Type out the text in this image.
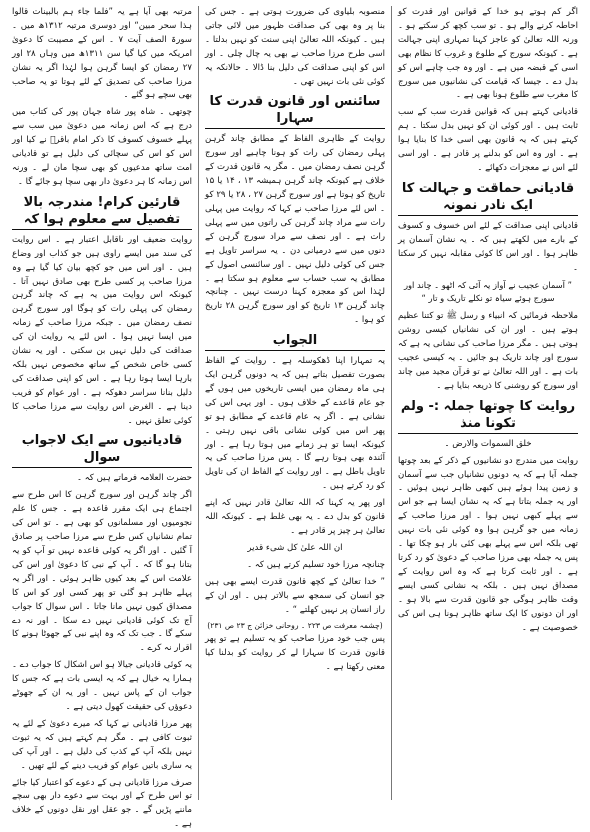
اگر کم ہوتے ہو خدا کے قوانین اور قدرت کو احاطہ کرنے والے ہو ۔ تو سب کچھ کر سکتے ہو ۔ ورنہ اللہ تعالیٰ کو عاجز کہنا تمہاری اپنی جہالت ہے ۔ کیونکہ سورج کے طلوع و غروب کا نظام بھی اسی کے قبضہ میں ہے ۔ اور وہ جب چاہے اس کو بدل دے ۔ جیسا کہ قیامت کی نشانیوں میں سورج کا مغرب سے طلوع ہونا بھی ہے ۔

قادیانی کہتے ہیں کہ قوانین قدرت سب کے سب ثابت ہیں ۔ اور کوئی ان کو نہیں بدل سکتا ۔ ہم کہتے ہیں کہ یہ قانون بھی اسی خدا کا بنایا ہوا ہے ۔ اور وہ اس کو بدلنے پر قادر ہے ۔ اور اسی لئے اس نے معجزات دکھائے ۔

قادیانی حماقت و جہالت کا ایک نادر نمونہ

قادیانی اپنی صداقت کے لئے اس خسوف و کسوف کے بارے میں لکھتے ہیں کہ ۔ یہ نشان آسمان پر ظاہر ہوا ۔ اور اس کا کوئی مقابلہ نہیں کر سکتا ۔

” آسمان عجیب نے آواز یہ آئی کہ اٹھو ۔ چاند اور سورج ہوئے سیاہ تو نکلے تاریک و تار “

ملاحظہ فرمائیں کہ انبیاء و رسل ﷺ تو کتنا عظیم ہوتے ہیں ۔ اور ان کی نشانیاں کیسی روشن ہوتی ہیں ۔ مگر مرزا صاحب کی نشانی یہ ہے کہ سورج اور چاند تاریک ہو جائیں ۔ یہ کیسی عجیب بات ہے ۔ اور اللہ تعالیٰ نے تو قرآن مجید میں چاند اور سورج کو روشنی کا ذریعہ بنایا ہے ۔

روایت کا چوتھا جملہ :- ولم تکونا منذ
خلق السموات والارض ۔

روایت میں مندرج دو نشانیوں کے ذکر کے بعد چوتھا جملہ آیا ہے کہ یہ دونوں نشانیاں جب سے آسمان و زمین پیدا ہوئے ہیں کبھی ظاہر نہیں ہوئیں ۔ اور یہ جملہ بتاتا ہے کہ یہ نشان ایسا ہے جو اس سے پہلے کبھی نہیں ہوا ۔ اور مرزا صاحب کے زمانہ میں جو گرہن ہوا وہ کوئی نئی بات نہیں تھی بلکہ اس سے پہلے بھی کئی بار ہو چکا تھا ۔ پس یہ جملہ بھی مرزا صاحب کے دعویٰ کو رد کرتا ہے ۔ اور ثابت کرتا ہے کہ وہ اس روایت کے مصداق نہیں ہیں ۔ بلکہ یہ نشانی کسی ایسے وقت ظاہر ہوگی جو قانون قدرت سے بالا ہو ۔ اور ان دونوں کا ایک ساتھ ظاہر ہونا ہی اس کی خصوصیت ہے ۔

منصوبہ بلیاوی کی ضرورت ہوتی ہے ۔ جس کی بنا پر وہ بھی کی صداقت ظہور میں لائی جاتی ہیں ۔ کیونکہ اللہ تعالیٰ اپنی سنت کو نہیں بدلتا ۔ اسی طرح مرزا صاحب نے بھی یہ چال چلی ۔ اور اس کو اپنی صداقت کی دلیل بنا ڈالا ۔ حالانکہ یہ کوئی نئی بات نہیں تھی ۔

سائنس اور قانون قدرت کا سہارا

روایت کے ظاہری الفاظ کے مطابق چاند گرہن پہلی رمضان کی رات کو ہونا چاہیے اور سورج گرہن نصف رمضان میں ۔ مگر یہ قانون قدرت کے خلاف ہے کیونکہ چاند گرہن ہمیشہ ۱۳ ، ۱۴ یا ۱۵ تاریخ کو ہوتا ہے اور سورج گرہن ۲۷ ، ۲۸ یا ۲۹ کو ۔ اس لئے مرزا صاحب نے کہا کہ روایت میں پہلی رات سے مراد چاند گرہن کی راتوں میں سے پہلی رات ہے ۔ اور نصف سے مراد سورج گرہن کے دنوں میں سے درمیانی دن ۔ یہ سراسر تاویل ہے جس کی کوئی دلیل نہیں ۔ اور سائنسی اصول کے مطابق یہ سب حساب سے معلوم ہو سکتا ہے ۔ لہٰذا اس کو معجزہ کہنا درست نہیں ۔ چنانچہ چاند گرہن ۱۳ تاریخ کو اور سورج گرہن ۲۸ تاریخ کو ہوا ۔

الجواب

یہ تمہارا اپنا ڈھکوسلہ ہے ۔ روایت کے الفاظ بصورت تفصیل بتاتے ہیں کہ یہ دونوں گرہن ایک ہی ماہ رمضان میں ایسی تاریخوں میں ہوں گے جو عام قاعدے کے خلاف ہوں ۔ اور یہی اس کی نشانی ہے ۔ اگر یہ عام قاعدے کے مطابق ہو تو پھر اس میں کوئی نشانی باقی نہیں رہتی ۔ کیونکہ ایسا تو ہر زمانے میں ہوتا رہا ہے ۔ اور آئندہ بھی ہوتا رہے گا ۔ پس مرزا صاحب کی یہ تاویل باطل ہے ۔ اور روایت کے الفاظ ان کی تاویل کو رد کرتے ہیں ۔

اور پھر یہ کہنا کہ اللہ تعالیٰ قادر نہیں کہ اپنے قانون کو بدل دے ۔ یہ بھی غلط ہے ۔ کیونکہ اللہ تعالیٰ ہر چیز پر قادر ہے ۔

ان اللہ علیٰ کل شیء قدیر

چنانچہ مرزا خود تسلیم کرتے ہیں کہ ۔

” خدا تعالیٰ کے کچھ قانون قدرت ایسے بھی ہیں جو انسان کی سمجھ سے بالاتر ہیں ۔ اور ان کے راز انسان پر نہیں کھلتے “ ۔

(چشمہ معرفت ص ۲۲۳ ۔ روحانی خزائن ج ۲۳ ص ۲۳۱)

پس جب خود مرزا صاحب کو یہ تسلیم ہے تو پھر قانون قدرت کا سہارا لے کر روایت کو بدلنا کیا معنی رکھتا ہے ۔

مرتبہ بھی آیا ہے یہ ”فلما جاء ہم بالبینات قالوا ہذا سحر مبین“ اور دوسری مرتبہ ۱۳۱۲ھ میں ۔ سورۃ الصف آیت ۷ ۔ اس کے مصیبت کا دعویٰ امریکہ میں کیا گیا سن ۱۳۱۱ھ میں وہاں ۲۸ اور ۲۷ رمضان کو ایسا گرہن ہوا لہٰذا اگر یہ نشان مرزا صاحب کی تصدیق کے لئے ہوتا تو یہ صاحب بھی سچے ہو گئے ۔

چوتھی ۔ شاہ پور شاہ جہان پور کی کتاب میں درج ہے کہ اس زمانہ میں دعویٰ میں سب سے پہلے خسوف کسوف کا ذکر امام باقرؒ نے کیا اور اس کو اس کی سچائی کی دلیل ہے تو قادیانی امت ساتھ مدعیوں کو بھی سچا مان لے ۔ ورنہ اس زمانہ کا ہر دعویٰ دار بھی سچا ہو جائے گا ۔

قارئین کرام! مندرجہ بالا تفصیل سے معلوم ہوا کہ

روایت ضعیف اور ناقابل اعتبار ہے ۔ اس روایت کی سند میں ایسے راوی ہیں جو کذاب اور وضاع ہیں ۔ اور اس میں جو کچھ بیان کیا گیا ہے وہ مرزا صاحب پر کسی طرح بھی صادق نہیں آتا ۔ کیونکہ اس روایت میں یہ ہے کہ چاند گرہن رمضان کی پہلی رات کو ہوگا اور سورج گرہن نصف رمضان میں ۔ جبکہ مرزا صاحب کے زمانہ میں ایسا نہیں ہوا ۔ اس لئے یہ روایت ان کی صداقت کی دلیل نہیں بن سکتی ۔ اور یہ نشان کسی خاص شخص کے ساتھ مخصوص نہیں بلکہ بارہا ایسا ہوتا رہا ہے ۔ اس کو اپنی صداقت کی دلیل بنانا سراسر دھوکہ ہے ۔ اور عوام کو فریب دینا ہے ۔ الغرض اس روایت سے مرزا صاحب کا کوئی تعلق نہیں ۔

قادیانیوں سے ایک لاجواب سوال

حضرت العلامہ فرماتے ہیں کہ ۔

اگر چاند گرہن اور سورج گرہن کا اس طرح سے اجتماع ہی ایک مقرر قاعدہ ہے ۔ جس کا علم نجومیوں اور مسلمانوں کو بھی ہے ۔ تو اس کی تمام نشانیاں کس طرح سے مرزا صاحب پر صادق آ گئیں ۔ اور اگر یہ کوئی قاعدہ نہیں تو آپ کو یہ بتانا ہو گا کہ ۔ آپ کے نبی کا دعویٰ اور اس کی علامت اس کے بعد کیوں ظاہر ہوئی ۔ اور اگر یہ پہلے ظاہر ہو گئی تو پھر کسی اور کو اس کا مصداق کیوں نہیں مانا جاتا ۔ اس سوال کا جواب آج تک کوئی قادیانی نہیں دے سکا ۔ اور نہ دے سکے گا ۔ جب تک کہ وہ اپنے نبی کے جھوٹا ہونے کا اقرار نہ کرے ۔

یہ کوئی قادیانی جیالا ہو اس اشکال کا جواب دے ۔ ہمارا یہ خیال ہے کہ یہ ایسی بات ہے کہ جس کا جواب ان کے پاس نہیں ۔ اور یہ ان کے جھوٹے دعوؤں کی حقیقت کھول دیتی ہے ۔

پھر مرزا قادیانی نے کہا کہ میرے دعویٰ کے لئے یہ ثبوت کافی ہے ۔ مگر ہم کہتے ہیں کہ یہ ثبوت نہیں بلکہ آپ کے کذب کی دلیل ہے ۔ اور آپ کی یہ ساری باتیں عوام کو فریب دینے کے لئے تھیں ۔

صرف مرزا قادیانی ہی کے دعوے کو اعتبار کیا جائے تو اس طرح کے اور بہت سے دعوے دار بھی سچے ماننے پڑیں گے ۔ جو عقل اور نقل دونوں کے خلاف ہے ۔
